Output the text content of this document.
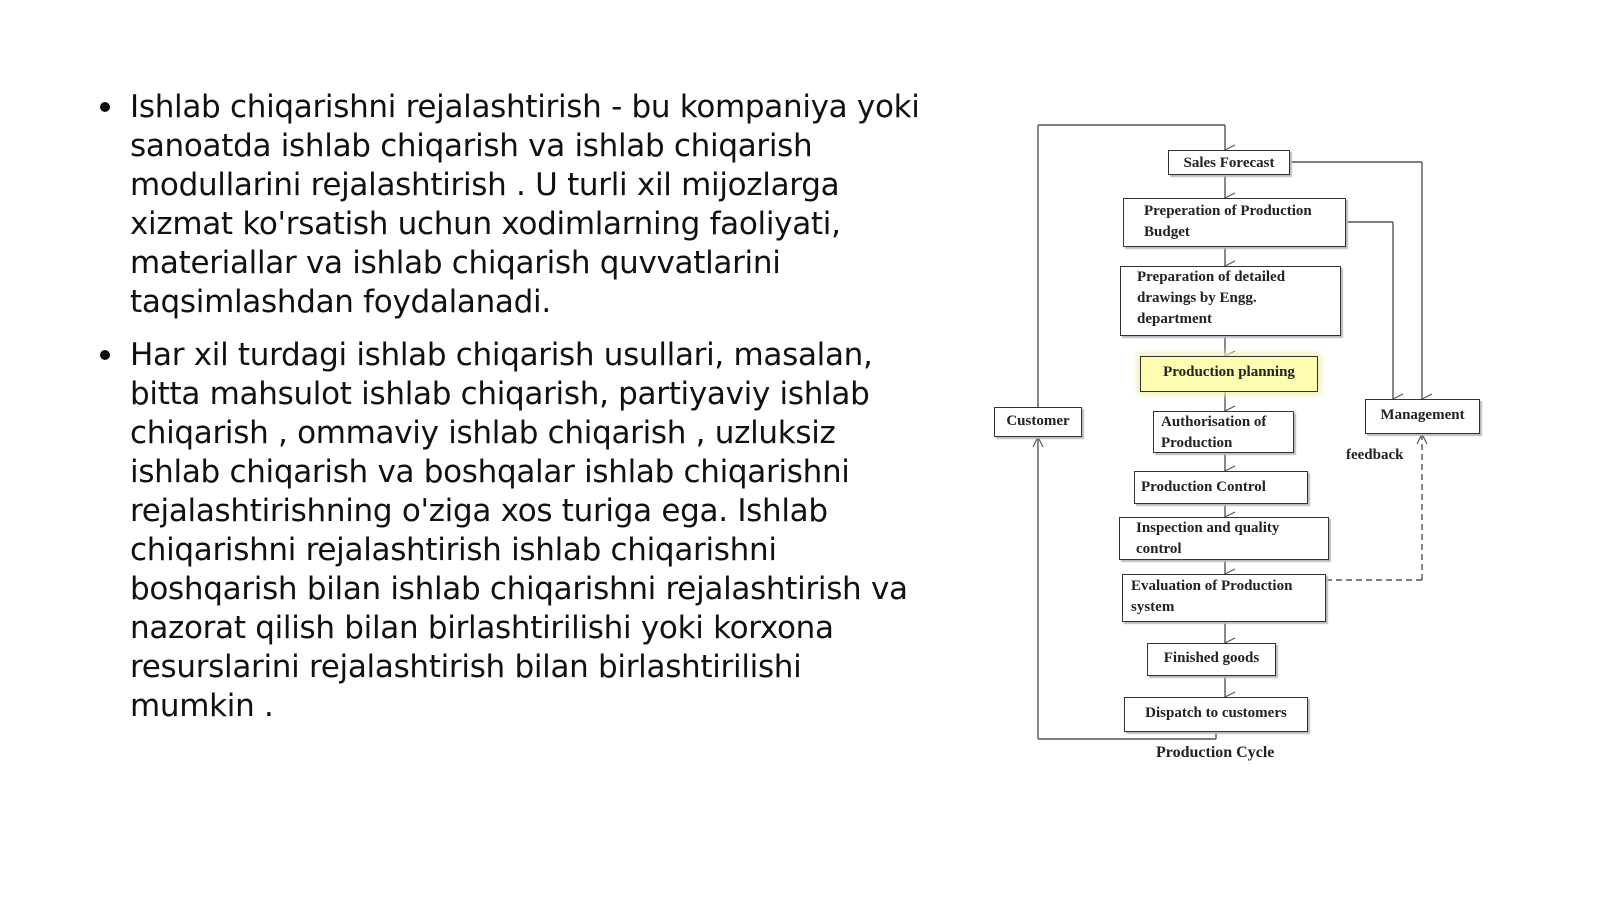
Ishlab chiqarishni rejalashtirish - bu kompaniya yoki sanoatda ishlab chiqarish va ishlab chiqarish modullarini rejalashtirish . U turli xil mijozlarga xizmat ko'rsatish uchun xodimlarning faoliyati, materiallar va ishlab chiqarish quvvatlarini taqsimlashdan foydalanadi.
Har xil turdagi ishlab chiqarish usullari, masalan, bitta mahsulot ishlab chiqarish, partiyaviy ishlab chiqarish , ommaviy ishlab chiqarish , uzluksiz ishlab chiqarish va boshqalar ishlab chiqarishni rejalashtirishning o'ziga xos turiga ega. Ishlab chiqarishni rejalashtirish ishlab chiqarishni boshqarish bilan ishlab chiqarishni rejalashtirish va nazorat qilish bilan birlashtirilishi yoki korxona resurslarini rejalashtirish bilan birlashtirilishi mumkin .
Sales Forecast
Preperation of Production Budget
Preparation of detailed drawings by Engg. department
Production planning
Authorisation of Production
Production Control
Inspection and quality control
Evaluation of Production system
Finished goods
Dispatch to customers
Customer	Management
feedback
Production Cycle
